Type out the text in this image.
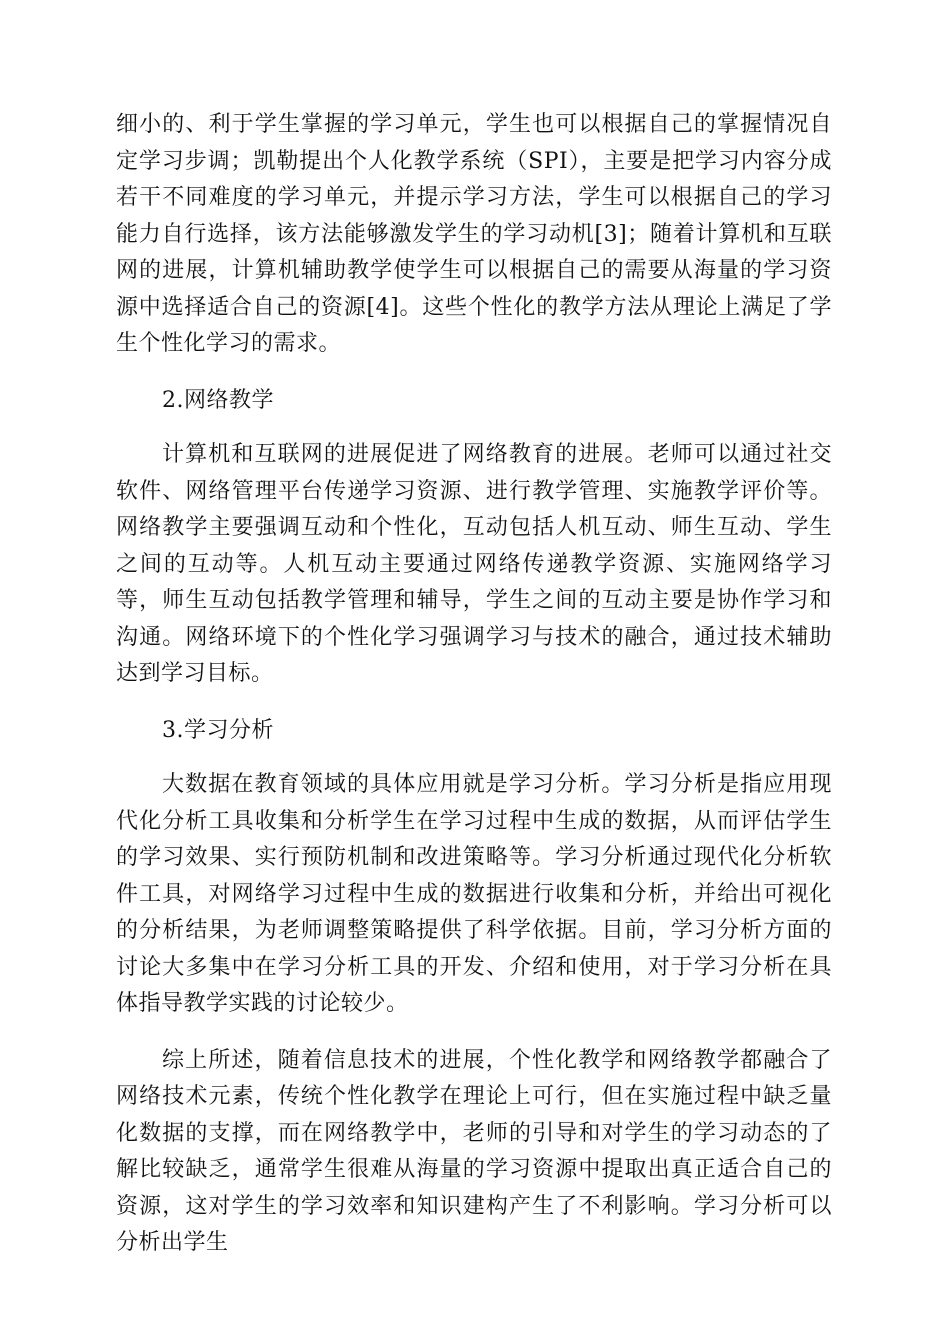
细小的、利于学生掌握的学习单元，学生也可以根据自己的掌握情况自定学习步调；凯勒提出个人化教学系统（SPI），主要是把学习内容分成若干不同难度的学习单元，并提示学习方法，学生可以根据自己的学习能力自行选择，该方法能够激发学生的学习动机[3]；随着计算机和互联网的进展，计算机辅助教学使学生可以根据自己的需要从海量的学习资源中选择适合自己的资源[4]。这些个性化的教学方法从理论上满足了学生个性化学习的需求。

2.网络教学

计算机和互联网的进展促进了网络教育的进展。老师可以通过社交软件、网络管理平台传递学习资源、进行教学管理、实施教学评价等。网络教学主要强调互动和个性化，互动包括人机互动、师生互动、学生之间的互动等。人机互动主要通过网络传递教学资源、实施网络学习等，师生互动包括教学管理和辅导，学生之间的互动主要是协作学习和沟通。网络环境下的个性化学习强调学习与技术的融合，通过技术辅助达到学习目标。

3.学习分析

大数据在教育领域的具体应用就是学习分析。学习分析是指应用现代化分析工具收集和分析学生在学习过程中生成的数据，从而评估学生的学习效果、实行预防机制和改进策略等。学习分析通过现代化分析软件工具，对网络学习过程中生成的数据进行收集和分析，并给出可视化的分析结果，为老师调整策略提供了科学依据。目前，学习分析方面的讨论大多集中在学习分析工具的开发、介绍和使用，对于学习分析在具体指导教学实践的讨论较少。

综上所述，随着信息技术的进展，个性化教学和网络教学都融合了网络技术元素，传统个性化教学在理论上可行，但在实施过程中缺乏量化数据的支撑，而在网络教学中，老师的引导和对学生的学习动态的了解比较缺乏，通常学生很难从海量的学习资源中提取出真正适合自己的资源，这对学生的学习效率和知识建构产生了不利影响。学习分析可以分析出学生
